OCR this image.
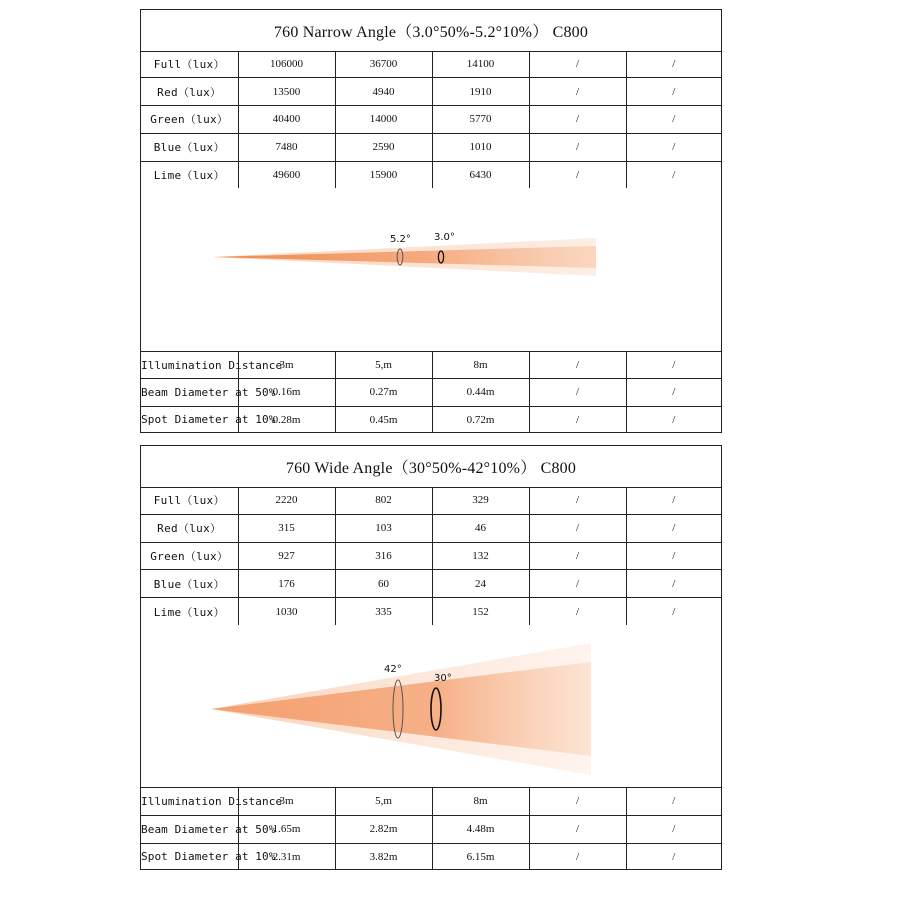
760 Narrow Angle（3.0°50%-5.2°10%） C800
Full（lux）	106000	36700	14100	/	/
Red（lux）	13500	4940	1910	/	/
Green（lux）	40400	14000	5770	/	/
Blue（lux）	7480	2590	1010	/	/
Lime（lux）	49600	15900	6430	/	/
5.2° 3.0°
Illumination Distance	3m	5,m	8m	/	/
Beam Diameter at 50%	0.16m	0.27m	0.44m	/	/
Spot Diameter at 10%	0.28m	0.45m	0.72m	/	/
760 Wide Angle（30°50%-42°10%） C800
Full（lux）	2220	802	329	/	/
Red（lux）	315	103	46	/	/
Green（lux）	927	316	132	/	/
Blue（lux）	176	60	24	/	/
Lime（lux）	1030	335	152	/	/
42°
30°
Illumination Distance	3m	5,m	8m	/	/
Beam Diameter at 50%	1.65m	2.82m	4.48m	/	/
Spot Diameter at 10%	2.31m	3.82m	6.15m	/	/
